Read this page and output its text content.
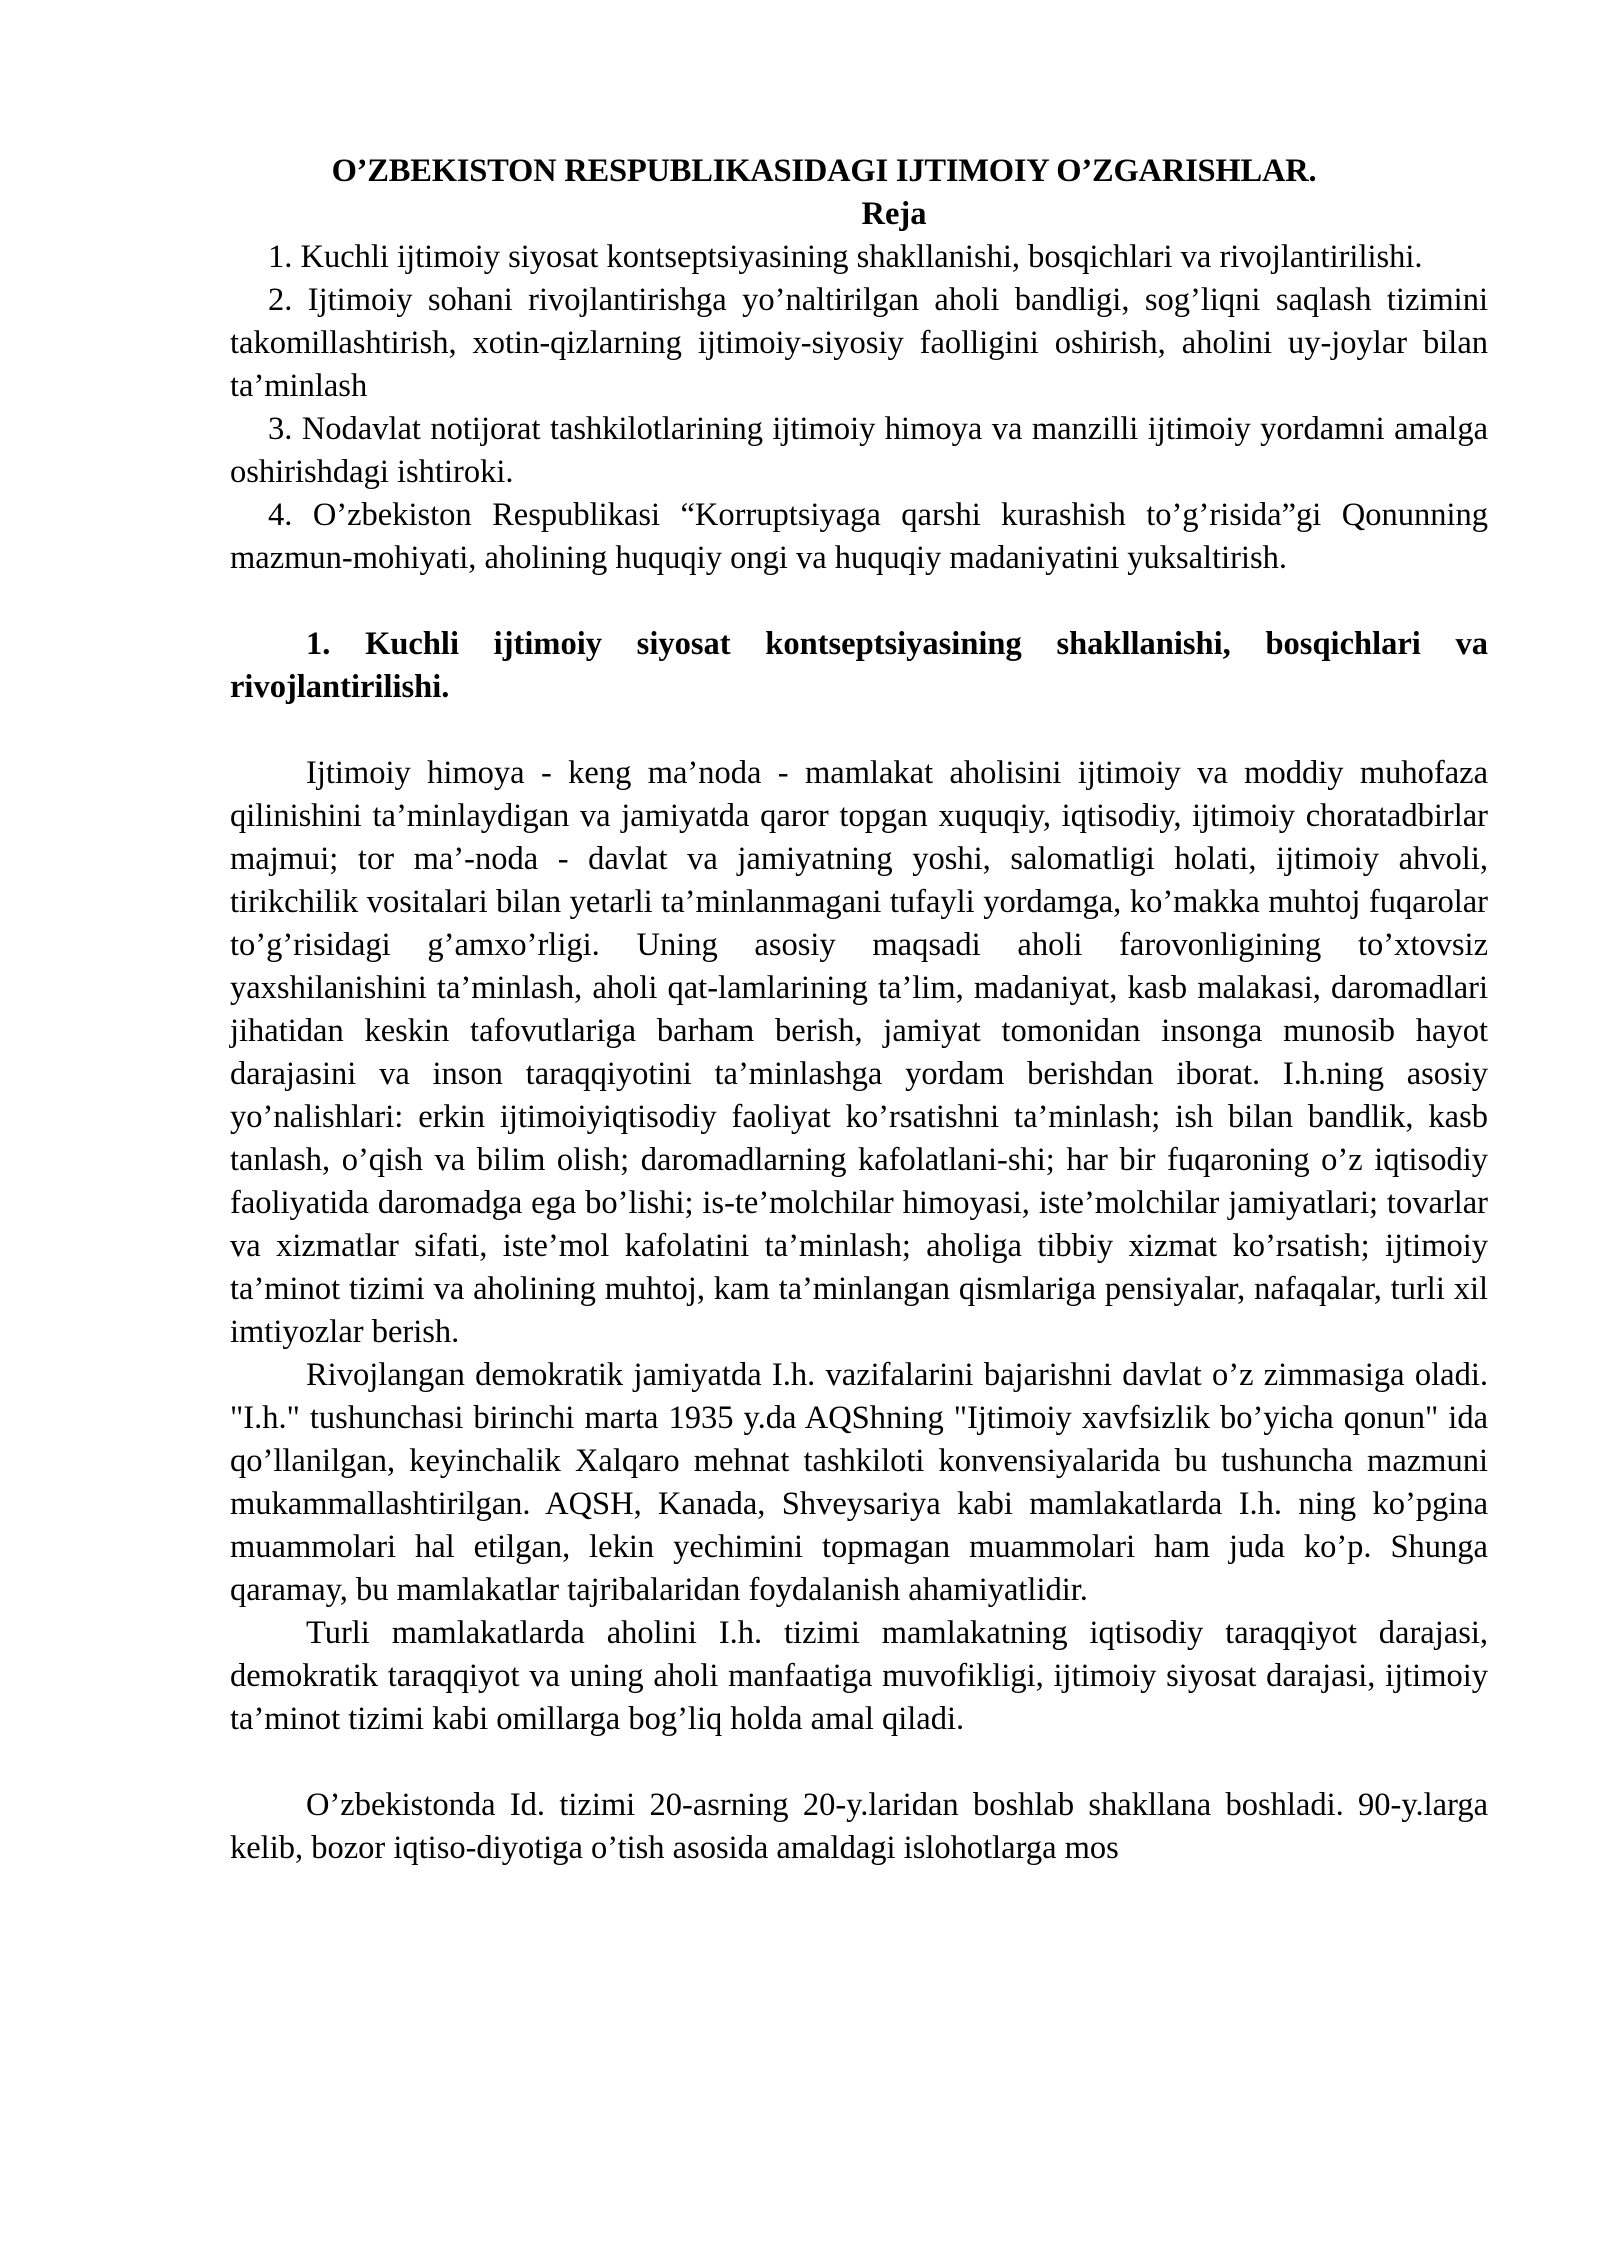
O’ZBEKISTON RESPUBLIKASIDAGI IJTIMOIY O’ZGARISHLAR.

Reja

1. Kuchli ijtimoiy siyosat kontseptsiyasining shakllanishi, bosqichlari va rivojlantirilishi.

2. Ijtimoiy sohani rivojlantirishga yo’naltirilgan aholi bandligi, sog’liqni saqlash tizimini takomillashtirish, xotin-qizlarning ijtimoiy-siyosiy faolligini oshirish, aholini uy-joylar bilan ta’minlash

3. Nodavlat notijorat tashkilotlarining ijtimoiy himoya va manzilli ijtimoiy yordamni amalga oshirishdagi ishtiroki.

4. O’zbekiston Respublikasi “Korruptsiyaga qarshi kurashish to’g’risida”gi Qonunning mazmun-mohiyati, aholining huquqiy ongi va huquqiy madaniyatini yuksaltirish.

1. Kuchli ijtimoiy siyosat kontseptsiyasining shakllanishi, bosqichlari va rivojlantirilishi.

Ijtimoiy himoya - keng ma’noda - mamlakat aholisini ijtimoiy va moddiy muhofaza qilinishini ta’minlaydigan va jamiyatda qaror topgan xuquqiy, iqtisodiy, ijtimoiy choratadbirlar majmui; tor ma’-noda - davlat va jamiyatning yoshi, salomatligi holati, ijtimoiy ahvoli, tirikchilik vositalari bilan yetarli ta’minlanmagani tufayli yordamga, ko’makka muhtoj fuqarolar to’g’risidagi g’amxo’rligi. Uning asosiy maqsadi aholi farovonligining to’xtovsiz yaxshilanishini ta’minlash, aholi qat-lamlarining ta’lim, madaniyat, kasb malakasi, daromadlari jihatidan keskin tafovutlariga barham berish, jamiyat tomonidan insonga munosib hayot darajasini va inson taraqqiyotini ta’minlashga yordam berishdan iborat. I.h.ning asosiy yo’nalishlari: erkin ijtimoiyiqtisodiy faoliyat ko’rsatishni ta’minlash; ish bilan bandlik, kasb tanlash, o’qish va bilim olish; daromadlarning kafolatlani-shi; har bir fuqaroning o’z iqtisodiy faoliyatida daromadga ega bo’lishi; is-te’molchilar himoyasi, iste’molchilar jamiyatlari; tovarlar va xizmatlar sifati, iste’mol kafolatini ta’minlash; aholiga tibbiy xizmat ko’rsatish; ijtimoiy ta’minot tizimi va aholining muhtoj, kam ta’minlangan qismlariga pensiyalar, nafaqalar, turli xil imtiyozlar berish.

Rivojlangan demokratik jamiyatda I.h. vazifalarini bajarishni davlat o’z zimmasiga oladi. "I.h." tushunchasi birinchi marta 1935 y.da AQShning "Ijtimoiy xavfsizlik bo’yicha qonun" ida qo’llanilgan, keyinchalik Xalqaro mehnat tashkiloti konvensiyalarida bu tushuncha mazmuni mukammallashtirilgan. AQSH, Kanada, Shveysariya kabi mamlakatlarda I.h. ning ko’pgina muammolari hal etilgan, lekin yechimini topmagan muammolari ham juda ko’p. Shunga qaramay, bu mamlakatlar tajribalaridan foydalanish ahamiyatlidir.

Turli mamlakatlarda aholini I.h. tizimi mamlakatning iqtisodiy taraqqiyot darajasi, demokratik taraqqiyot va uning aholi manfaatiga muvofikligi, ijtimoiy siyosat darajasi, ijtimoiy ta’minot tizimi kabi omillarga bog’liq holda amal qiladi.

O’zbekistonda Id. tizimi 20-asrning 20-y.laridan boshlab shakllana boshladi. 90-y.larga kelib, bozor iqtiso-diyotiga o’tish asosida amaldagi islohotlarga mos
